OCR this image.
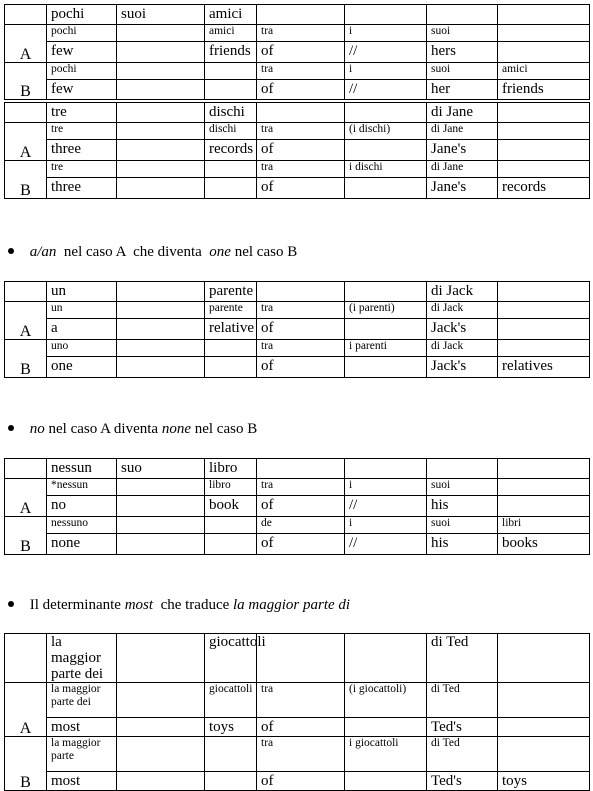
	pochi	suoi	amici				
A	pochi		amici	tra	i	suoi	
	few		friends	of	//	hers	
B	pochi			tra	i	suoi	amici
	few			of	//	her	friends
	tre		dischi			di Jane	
A	tre		dischi	tra	(i dischi)	di Jane	
	three		records	of		Jane's	
B	tre			tra	i dischi	di Jane	
	three			of		Jane's	records
a/an  nel caso A  che diventa  one nel caso B
	un		parente			di Jack	
A	un		parente	tra	(i parenti)	di Jack	
	a		relative	of		Jack's	
B	uno			tra	i parenti	di Jack	
	one			of		Jack's	relatives
no nel caso A diventa none nel caso B
	nessun	suo	libro				
A	*nessun		libro	tra	i	suoi	
	no		book	of	//	his	
B	nessuno			de	i	suoi	libri
	none			of	//	his	books
Il determinante most  che traduce la maggior parte di
	la maggior parte dei		giocattoli			di Ted	
A	la maggior parte dei		giocattoli	tra	(i giocattoli)	di Ted	
	most		toys	of		Ted's	
B	la maggior parte			tra	i giocattoli	di Ted	
	most			of		Ted's	toys
